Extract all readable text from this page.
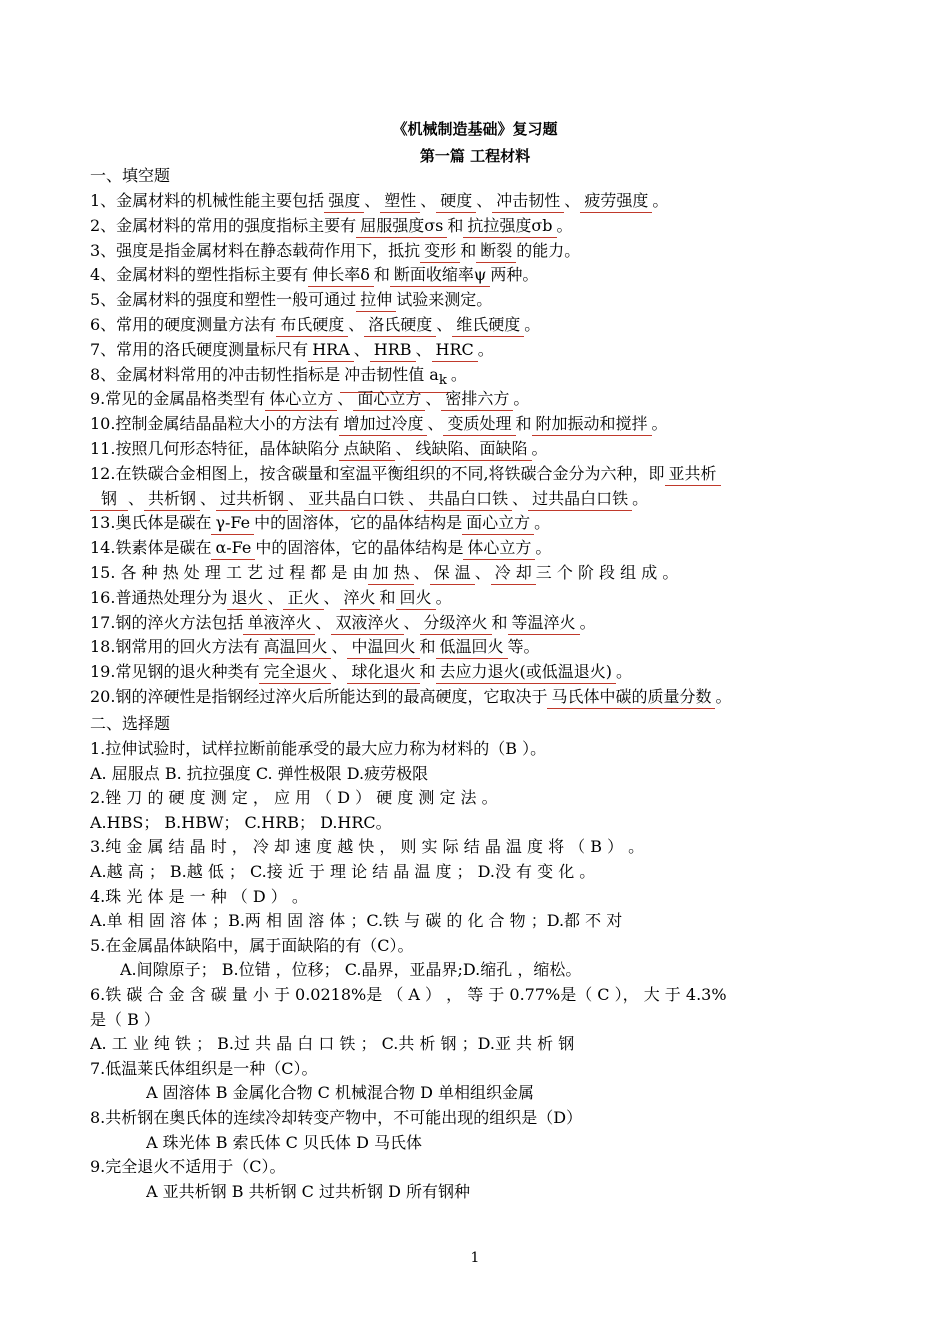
《机械制造基础》复习题
第一篇 工程材料
一、填空题
1、金属材料的机械性能主要包括 强度 、 塑性 、 硬度 、 冲击韧性 、 疲劳强度 。
2、金属材料的常用的强度指标主要有 屈服强度σs 和 抗拉强度σb 。
3、强度是指金属材料在静态载荷作用下，抵抗 变形 和 断裂 的能力。
4、金属材料的塑性指标主要有 伸长率δ 和 断面收缩率ψ 两种。
5、金属材料的强度和塑性一般可通过 拉伸 试验来测定。
6、常用的硬度测量方法有 布氏硬度 、 洛氏硬度 、 维氏硬度 。
7、常用的洛氏硬度测量标尺有 HRA 、 HRB 、 HRC 。
8、金属材料常用的冲击韧性指标是 冲击韧性值 $a_k$ 。
9.常见的金属晶格类型有 体心立方 、 面心立方 、 密排六方 。
10.控制金属结晶晶粒大小的方法有 增加过冷度 、 变质处理 和 附加振动和搅拌 。
11.按照几何形态特征，晶体缺陷分 点缺陷 、 线缺陷、面缺陷 。
12.在铁碳合金相图上，按含碳量和室温平衡组织的不同,将铁碳合金分为六种，即 亚共析
钢 、 共析钢 、 过共析钢 、 亚共晶白口铁 、 共晶白口铁 、 过共晶白口铁 。
13.奥氏体是碳在 γ-Fe 中的固溶体，它的晶体结构是 面心立方 。
14.铁素体是碳在 α-Fe 中的固溶体，它的晶体结构是 体心立方 。
15. 各 种 热 处 理 工 艺 过 程 都 是 由 加 热 、 保 温 、 冷 却 三 个 阶 段 组 成 。
16.普通热处理分为 退火 、 正火 、 淬火 和 回火 。
17.钢的淬火方法包括 单液淬火 、 双液淬火 、 分级淬火 和 等温淬火 。
18.钢常用的回火方法有 高温回火 、 中温回火 和 低温回火 等。
19.常见钢的退火种类有 完全退火 、 球化退火 和 去应力退火(或低温退火) 。
20.钢的淬硬性是指钢经过淬火后所能达到的最高硬度，它取决于 马氏体中碳的质量分数 。
二、选择题
1.拉伸试验时，试样拉断前能承受的最大应力称为材料的（B ）。
A. 屈服点 B. 抗拉强度 C. 弹性极限 D.疲劳极限
2.锉 刀 的 硬 度 测 定 ， 应 用 （ D ） 硬 度 测 定 法 。
A.HBS； B.HBW； C.HRB； D.HRC。
3.纯 金 属 结 晶 时 ， 冷 却 速 度 越 快 ， 则 实 际 结 晶 温 度 将 （ B ） 。
A.越 高 ； B.越 低 ； C.接 近 于 理 论 结 晶 温 度 ； D.没 有 变 化 。
4.珠 光 体 是 一 种 （ D ） 。
A.单 相 固 溶 体 ；B.两 相 固 溶 体 ；C.铁 与 碳 的 化 合 物 ；D.都 不 对
5.在金属晶体缺陷中，属于面缺陷的有（C）。
A.间隙原子； B.位错 ，位移； C.晶界，亚晶界;D.缩孔 ，缩松。
6.铁 碳 合 金 含 碳 量 小 于 0.0218%是 （ A ） ， 等 于 0.77%是（ C ）， 大 于 4.3%
是（ B ）
A. 工 业 纯 铁 ； B.过 共 晶 白 口 铁 ； C.共 析 钢 ；D.亚 共 析 钢
7.低温莱氏体组织是一种（C）。
A 固溶体 B 金属化合物 C 机械混合物 D 单相组织金属
8.共析钢在奥氏体的连续冷却转变产物中，不可能出现的组织是（D）
A 珠光体 B 索氏体 C 贝氏体 D 马氏体
9.完全退火不适用于（C）。
A 亚共析钢 B 共析钢 C 过共析钢 D 所有钢种
1
